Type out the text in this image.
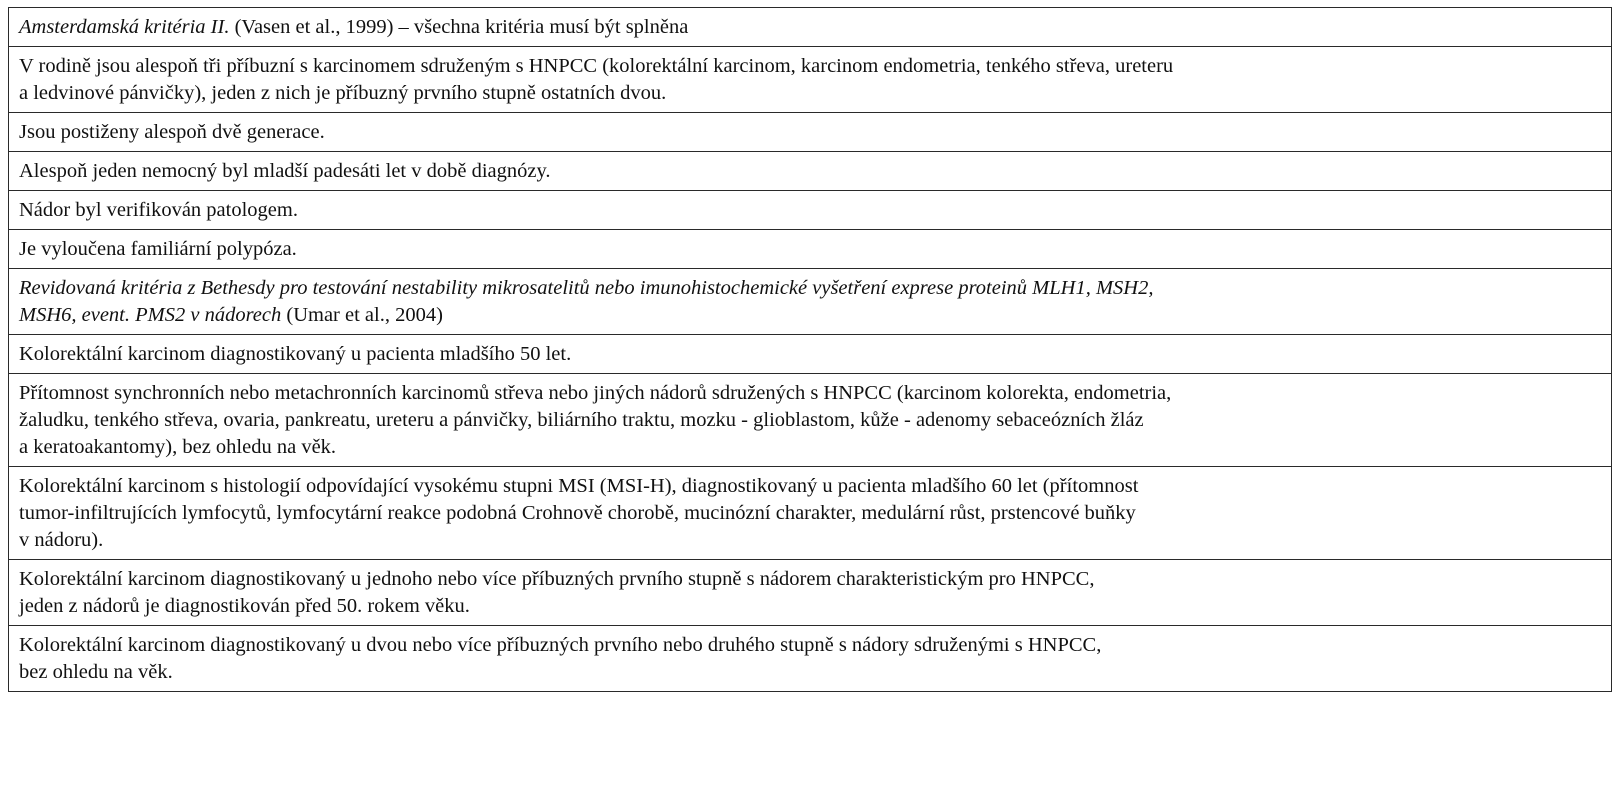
Amsterdamská kritéria II. (Vasen et al., 1999) – všechna kritéria musí být splněna

V rodině jsou alespoň tři příbuzní s karcinomem sdruženým s HNPCC (kolorektální karcinom, karcinom endometria, tenkého střeva, ureteru
a ledvinové pánvičky), jeden z nich je příbuzný prvního stupně ostatních dvou.

Jsou postiženy alespoň dvě generace.

Alespoň jeden nemocný byl mladší padesáti let v době diagnózy.

Nádor byl verifikován patologem.

Je vyloučena familiární polypóza.

Revidovaná kritéria z Bethesdy pro testování nestability mikrosatelitů nebo imunohistochemické vyšetření exprese proteinů MLH1, MSH2,
MSH6, event. PMS2 v nádorech (Umar et al., 2004)

Kolorektální karcinom diagnostikovaný u pacienta mladšího 50 let.

Přítomnost synchronních nebo metachronních karcinomů střeva nebo jiných nádorů sdružených s HNPCC (karcinom kolorekta, endometria,
žaludku, tenkého střeva, ovaria, pankreatu, ureteru a pánvičky, biliárního traktu, mozku - glioblastom, kůže - adenomy sebaceózních žláz
a keratoakantomy), bez ohledu na věk.

Kolorektální karcinom s histologií odpovídající vysokému stupni MSI (MSI-H), diagnostikovaný u pacienta mladšího 60 let (přítomnost
tumor-infiltrujících lymfocytů, lymfocytární reakce podobná Crohnově chorobě, mucinózní charakter, medulární růst, prstencové buňky
v nádoru).

Kolorektální karcinom diagnostikovaný u jednoho nebo více příbuzných prvního stupně s nádorem charakteristickým pro HNPCC,
jeden z nádorů je diagnostikován před 50. rokem věku.

Kolorektální karcinom diagnostikovaný u dvou nebo více příbuzných prvního nebo druhého stupně s nádory sdruženými s HNPCC,
bez ohledu na věk.
